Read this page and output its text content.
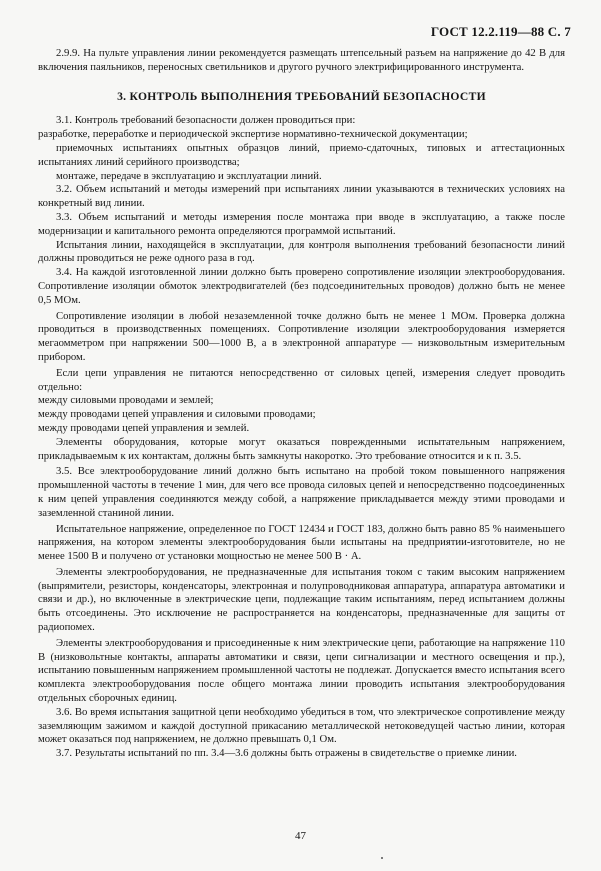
ГОСТ 12.2.119—88 С. 7

2.9.9. На пульте управления линии рекомендуется размещать штепсельный разъем на напряжение до 42 В для включения паяльников, переносных светильников и другого ручного электрифицированного инструмента.

3. КОНТРОЛЬ ВЫПОЛНЕНИЯ ТРЕБОВАНИЙ БЕЗОПАСНОСТИ

3.1. Контроль требований безопасности должен проводиться при:

разработке, переработке и периодической экспертизе нормативно-технической документации;

приемочных испытаниях опытных образцов линий, приемо-сдаточных, типовых и аттестационных испытаниях линий серийного производства;

монтаже, передаче в эксплуатацию и эксплуатации линий.

3.2. Объем испытаний и методы измерений при испытаниях линии указываются в технических условиях на конкретный вид линии.

3.3. Объем испытаний и методы измерения после монтажа при вводе в эксплуатацию, а также после модернизации и капитального ремонта определяются программой испытаний.

Испытания линии, находящейся в эксплуатации, для контроля выполнения требований безопасности линий должны проводиться не реже одного раза в год.

3.4. На каждой изготовленной линии должно быть проверено сопротивление изоляции электрооборудования. Сопротивление изоляции обмоток электродвигателей (без подсоединительных проводов) должно быть не менее 0,5 МОм.

Сопротивление изоляции в любой незаземленной точке должно быть не менее 1 МОм. Проверка должна проводиться в производственных помещениях. Сопротивление изоляции электрооборудования измеряется мегаомметром при напряжении 500—1000 В, а в электронной аппаратуре — низковольтным измерительным прибором.

Если цепи управления не питаются непосредственно от силовых цепей, измерения следует проводить отдельно:

между силовыми проводами и землей;

между проводами цепей управления и силовыми проводами;

между проводами цепей управления и землей.

Элементы оборудования, которые могут оказаться поврежденными испытательным напряжением, прикладываемым к их контактам, должны быть замкнуты накоротко. Это требование относится и к п. 3.5.

3.5. Все электрооборудование линий должно быть испытано на пробой током повышенного напряжения промышленной частоты в течение 1 мин, для чего все провода силовых цепей и непосредственно подсоединенных к ним цепей управления соединяются между собой, а напряжение прикладывается между этими проводами и заземленной станиной линии.

Испытательное напряжение, определенное по ГОСТ 12434 и ГОСТ 183, должно быть равно 85 % наименьшего напряжения, на котором элементы электрооборудования были испытаны на предприятии-изготовителе, но не менее 1500 В и получено от установки мощностью не менее 500 В · А.

Элементы электрооборудования, не предназначенные для испытания током с таким высоким напряжением (выпрямители, резисторы, конденсаторы, электронная и полупроводниковая аппаратура, аппаратура автоматики и связи и др.), но включенные в электрические цепи, подлежащие таким испытаниям, перед испытанием должны быть отсоединены. Это исключение не распространяется на конденсаторы, предназначенные для защиты от радиопомех.

Элементы электрооборудования и присоединенные к ним электрические цепи, работающие на напряжение 110 В (низковольтные контакты, аппараты автоматики и связи, цепи сигнализации и местного освещения и пр.), испытанию повышенным напряжением промышленной частоты не подлежат. Допускается вместо испытания всего комплекта электрооборудования после общего монтажа линии проводить испытания электрооборудования отдельных сборочных единиц.

3.6. Во время испытания защитной цепи необходимо убедиться в том, что электрическое сопротивление между заземляющим зажимом и каждой доступной прикасанию металлической нетоковедущей частью линии, которая может оказаться под напряжением, не должно превышать 0,1 Ом.

3.7. Результаты испытаний по пп. 3.4—3.6 должны быть отражены в свидетельстве о приемке линии.

47
